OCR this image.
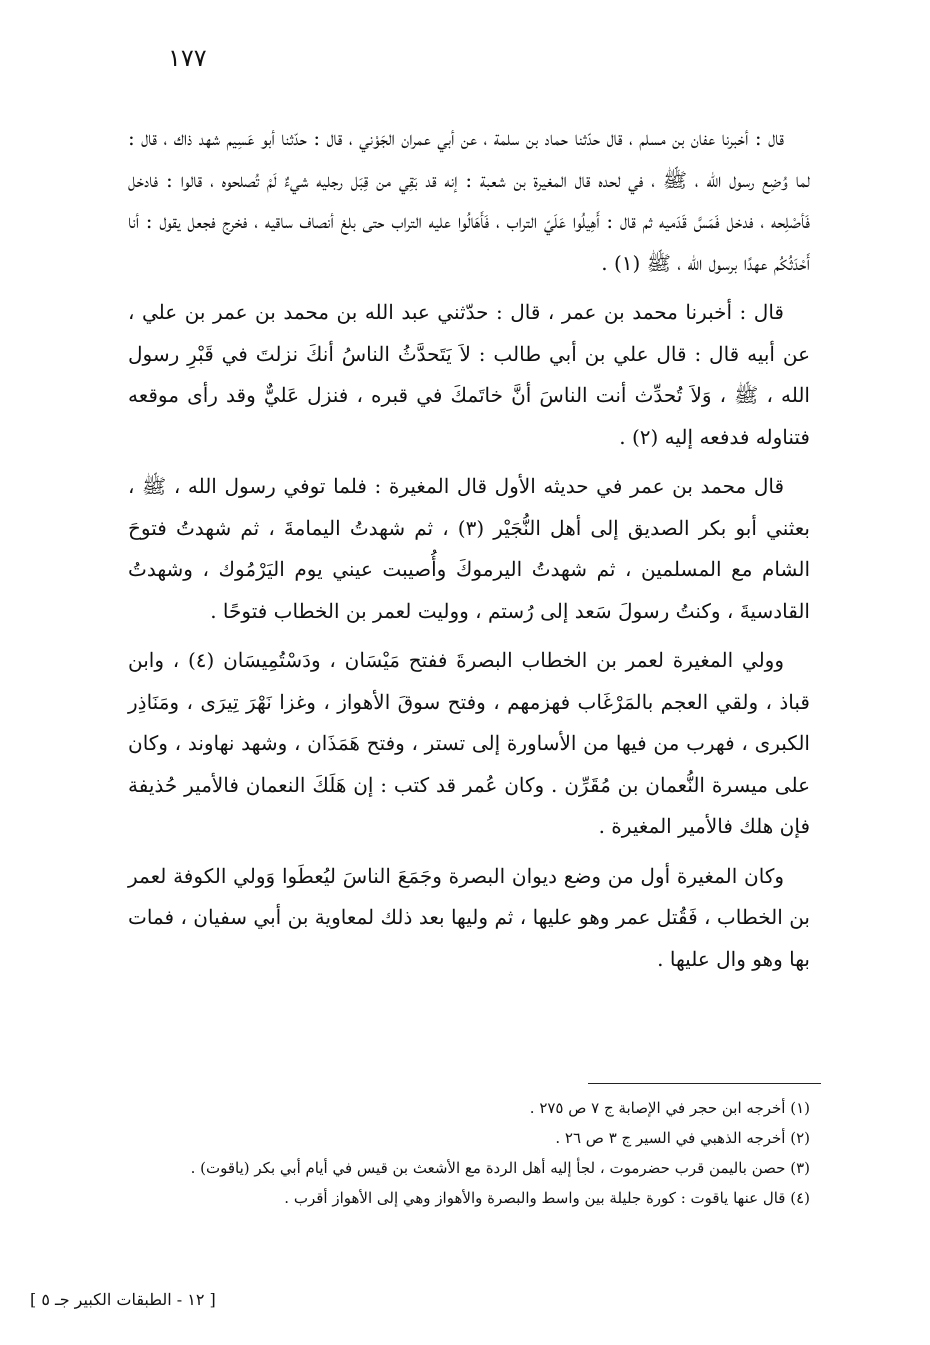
١٧٧

قال : أخبرنا عفان بن مسلم ، قال حدّثنا حماد بن سلمة ، عن أبي عمران الجَوْني ، قال : حدّثنا أبو عَسِيم شهد ذاك ، قال : لما وُضِع رسول الله ، ﷺ ، في لحده قال المغيرة بن شعبة : إنه قد بَقِي من قِبَل رجليه شيءٌ لَمْ تُصلحوه ، قالوا : فادخل فَأصْلِحه ، فدخل فَمَسَّ قَدَميه ثم قال : أَهِيلُوا عَلَيّ التراب ، فَأَهَالُوا عليه التراب حتى بلغ أنصاف ساقيه ، فخرج فجعل يقول : أنا أَحْدَثُكُم عهدًا برسول الله ، ﷺ (١) .

قال : أخبرنا محمد بن عمر ، قال : حدّثني عبد الله بن محمد بن عمر بن علي ، عن أبيه قال : قال علي بن أبي طالب : لاَ يَتَحدَّثُ الناسُ أنكَ نزلتَ في قَبْرِ رسول الله ، ﷺ ، وَلاَ تُحدِّث أنت الناسَ أنَّ خاتَمكَ في قبره ، فنزل عَليٌّ وقد رأى موقعه فتناوله فدفعه إليه (٢) .

قال محمد بن عمر في حديثه الأول قال المغيرة : فلما توفي رسول الله ، ﷺ ، بعثني أبو بكر الصديق إلى أهل النُّجَيْر (٣) ، ثم شهدتُ اليمامةَ ، ثم شهدتُ فتوحَ الشام مع المسلمين ، ثم شهدتُ اليرموكَ وأُصيبت عيني يوم اليَرْمُوك ، وشهدتُ القادسيةَ ، وكنتُ رسولَ سَعد إلى رُستم ، ووليت لعمر بن الخطاب فتوحًا .

وولي المغيرة لعمر بن الخطاب البصرةَ ففتح مَيْسَان ، ودَسْتُمِيسَان (٤) ، وابن قباذ ، ولقي العجم بالمَرْغَاب فهزمهم ، وفتح سوقَ الأهواز ، وغزا نَهْرَ تِيرَى ، ومَنَاذِر الكبرى ، فهرب من فيها من الأساورة إلى تستر ، وفتح هَمَذَان ، وشهد نهاوند ، وكان على ميسرة النُّعمان بن مُقَرِّن . وكان عُمر قد كتب : إن هَلَكَ النعمان فالأمير حُذيفة فإن هلك فالأمير المغيرة .

وكان المغيرة أول من وضع ديوان البصرة وجَمَعَ الناسَ ليُعطَوا وَولي الكوفة لعمر بن الخطاب ، فَقُتل عمر وهو عليها ، ثم وليها بعد ذلك لمعاوية بن أبي سفيان ، فمات بها وهو وال عليها .

(١) أخرجه ابن حجر في الإصابة ج ٧ ص ٢٧٥ .

(٢) أخرجه الذهبي في السير ج ٣ ص ٢٦ .

(٣) حصن باليمن قرب حضرموت ، لجأ إليه أهل الردة مع الأشعث بن قيس في أيام أبي بكر (ياقوت) .

(٤) قال عنها ياقوت : كورة جليلة بين واسط والبصرة والأهواز وهي إلى الأهواز أقرب .

[ ١٢ - الطبقات الكبير جـ ٥ ]
